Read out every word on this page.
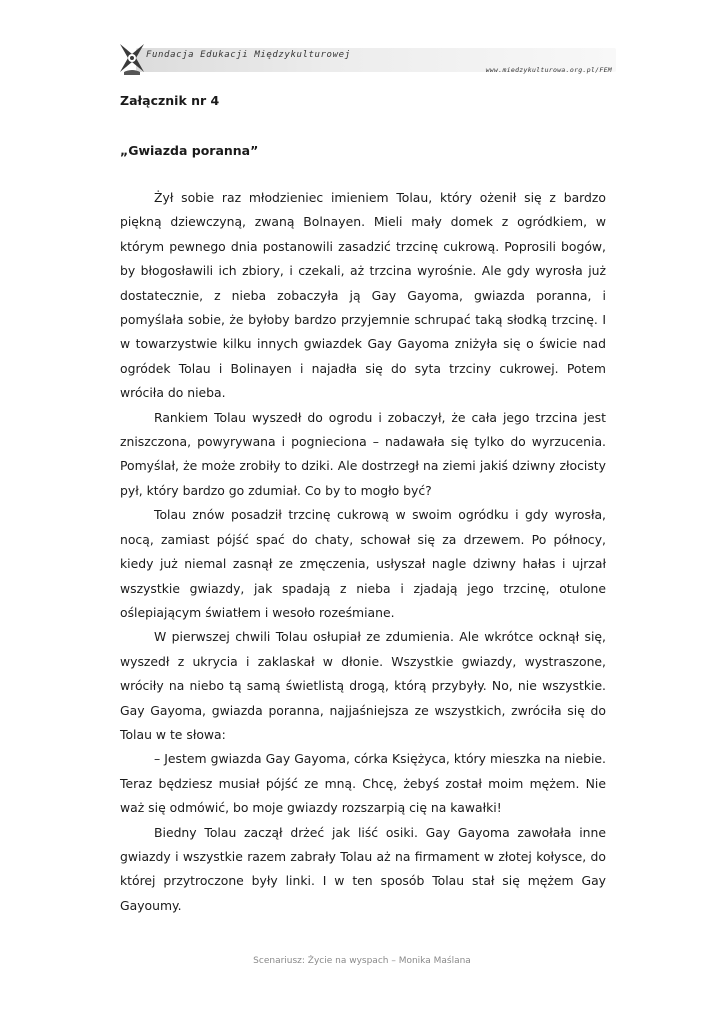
Fundacja Edukacji Międzykulturowej
www.miedzykulturowa.org.pl/FEM
Załącznik nr 4
„Gwiazda poranna”

Żył sobie raz młodzieniec imieniem Tolau, który ożenił się z bardzo piękną dziewczyną, zwaną Bolnayen. Mieli mały domek z ogródkiem, w którym pewnego dnia postanowili zasadzić trzcinę cukrową. Poprosili bogów, by błogosławili ich zbiory, i czekali, aż trzcina wyrośnie. Ale gdy wyrosła już dostatecznie, z nieba zobaczyła ją Gay Gayoma, gwiazda poranna, i pomyślała sobie, że byłoby bardzo przyjemnie schrupać taką słodką trzcinę. I w towarzystwie kilku innych gwiazdek Gay Gayoma zniżyła się o świcie nad ogródek Tolau i Bolinayen i najadła się do syta trzciny cukrowej. Potem wróciła do nieba.

Rankiem Tolau wyszedł do ogrodu i zobaczył, że cała jego trzcina jest zniszczona, powyrywana i pognieciona – nadawała się tylko do wyrzucenia. Pomyślał, że może zrobiły to dziki. Ale dostrzegł na ziemi jakiś dziwny złocisty pył, który bardzo go zdumiał. Co by to mogło być?

Tolau znów posadził trzcinę cukrową w swoim ogródku i gdy wyrosła, nocą, zamiast pójść spać do chaty, schował się za drzewem. Po północy, kiedy już niemal zasnął ze zmęczenia, usłyszał nagle dziwny hałas i ujrzał wszystkie gwiazdy, jak spadają z nieba i zjadają jego trzcinę, otulone oślepiającym światłem i wesoło roześmiane.

W pierwszej chwili Tolau osłupiał ze zdumienia. Ale wkrótce ocknął się, wyszedł z ukrycia i zaklaskał w dłonie. Wszystkie gwiazdy, wystraszone, wróciły na niebo tą samą świetlistą drogą, którą przybyły. No, nie wszystkie. Gay Gayoma, gwiazda poranna, najjaśniejsza ze wszystkich, zwróciła się do Tolau w te słowa:

– Jestem gwiazda Gay Gayoma, córka Księżyca, który mieszka na niebie. Teraz będziesz musiał pójść ze mną. Chcę, żebyś został moim mężem. Nie waż się odmówić, bo moje gwiazdy rozszarpią cię na kawałki!

Biedny Tolau zaczął drżeć jak liść osiki. Gay Gayoma zawołała inne gwiazdy i wszystkie razem zabrały Tolau aż na firmament w złotej kołysce, do której przytroczone były linki. I w ten sposób Tolau stał się mężem Gay Gayoumy.

Scenariusz: Życie na wyspach – Monika Maślana
